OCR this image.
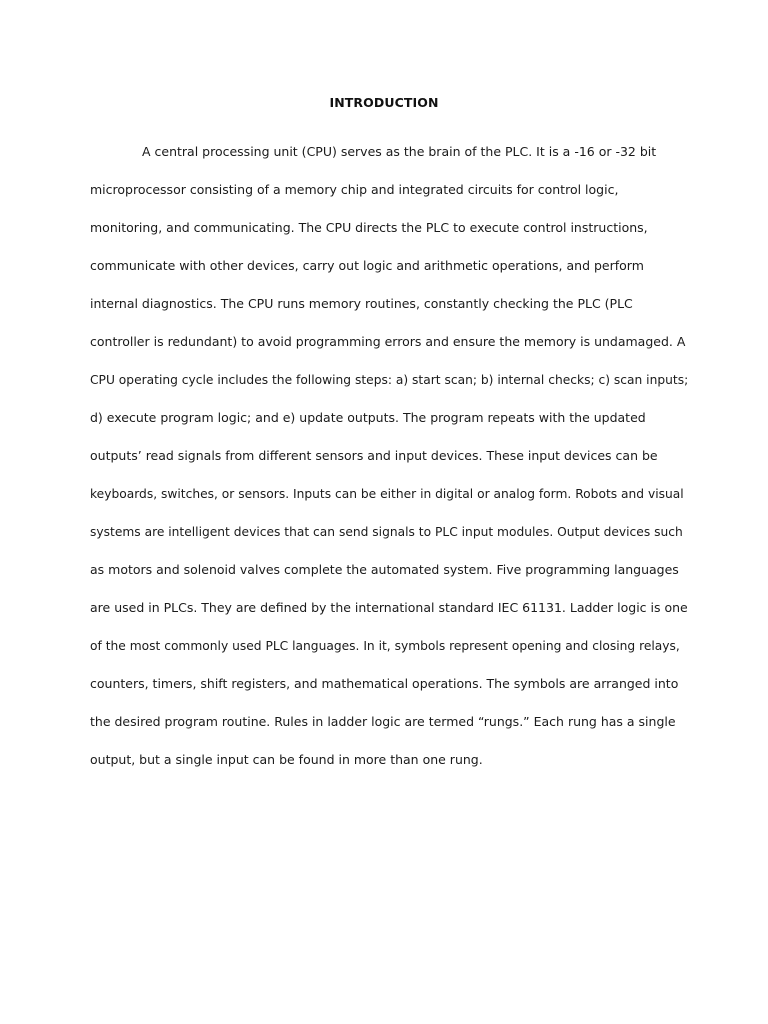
INTRODUCTION
A central processing unit (CPU) serves as the brain of the PLC. It is a -16 or -32 bit
microprocessor consisting of a memory chip and integrated circuits for control logic,
monitoring, and communicating. The CPU directs the PLC to execute control instructions,
communicate with other devices, carry out logic and arithmetic operations, and perform
internal diagnostics. The CPU runs memory routines, constantly checking the PLC (PLC
controller is redundant) to avoid programming errors and ensure the memory is undamaged. A
CPU operating cycle includes the following steps: a) start scan; b) internal checks; c) scan inputs;
d) execute program logic; and e) update outputs. The program repeats with the updated
outputs’ read signals from different sensors and input devices. These input devices can be
keyboards, switches, or sensors. Inputs can be either in digital or analog form. Robots and visual
systems are intelligent devices that can send signals to PLC input modules. Output devices such
as motors and solenoid valves complete the automated system. Five programming languages
are used in PLCs. They are defined by the international standard IEC 61131. Ladder logic is one
of the most commonly used PLC languages. In it, symbols represent opening and closing relays,
counters, timers, shift registers, and mathematical operations. The symbols are arranged into
the desired program routine. Rules in ladder logic are termed “rungs.” Each rung has a single
output, but a single input can be found in more than one rung.
